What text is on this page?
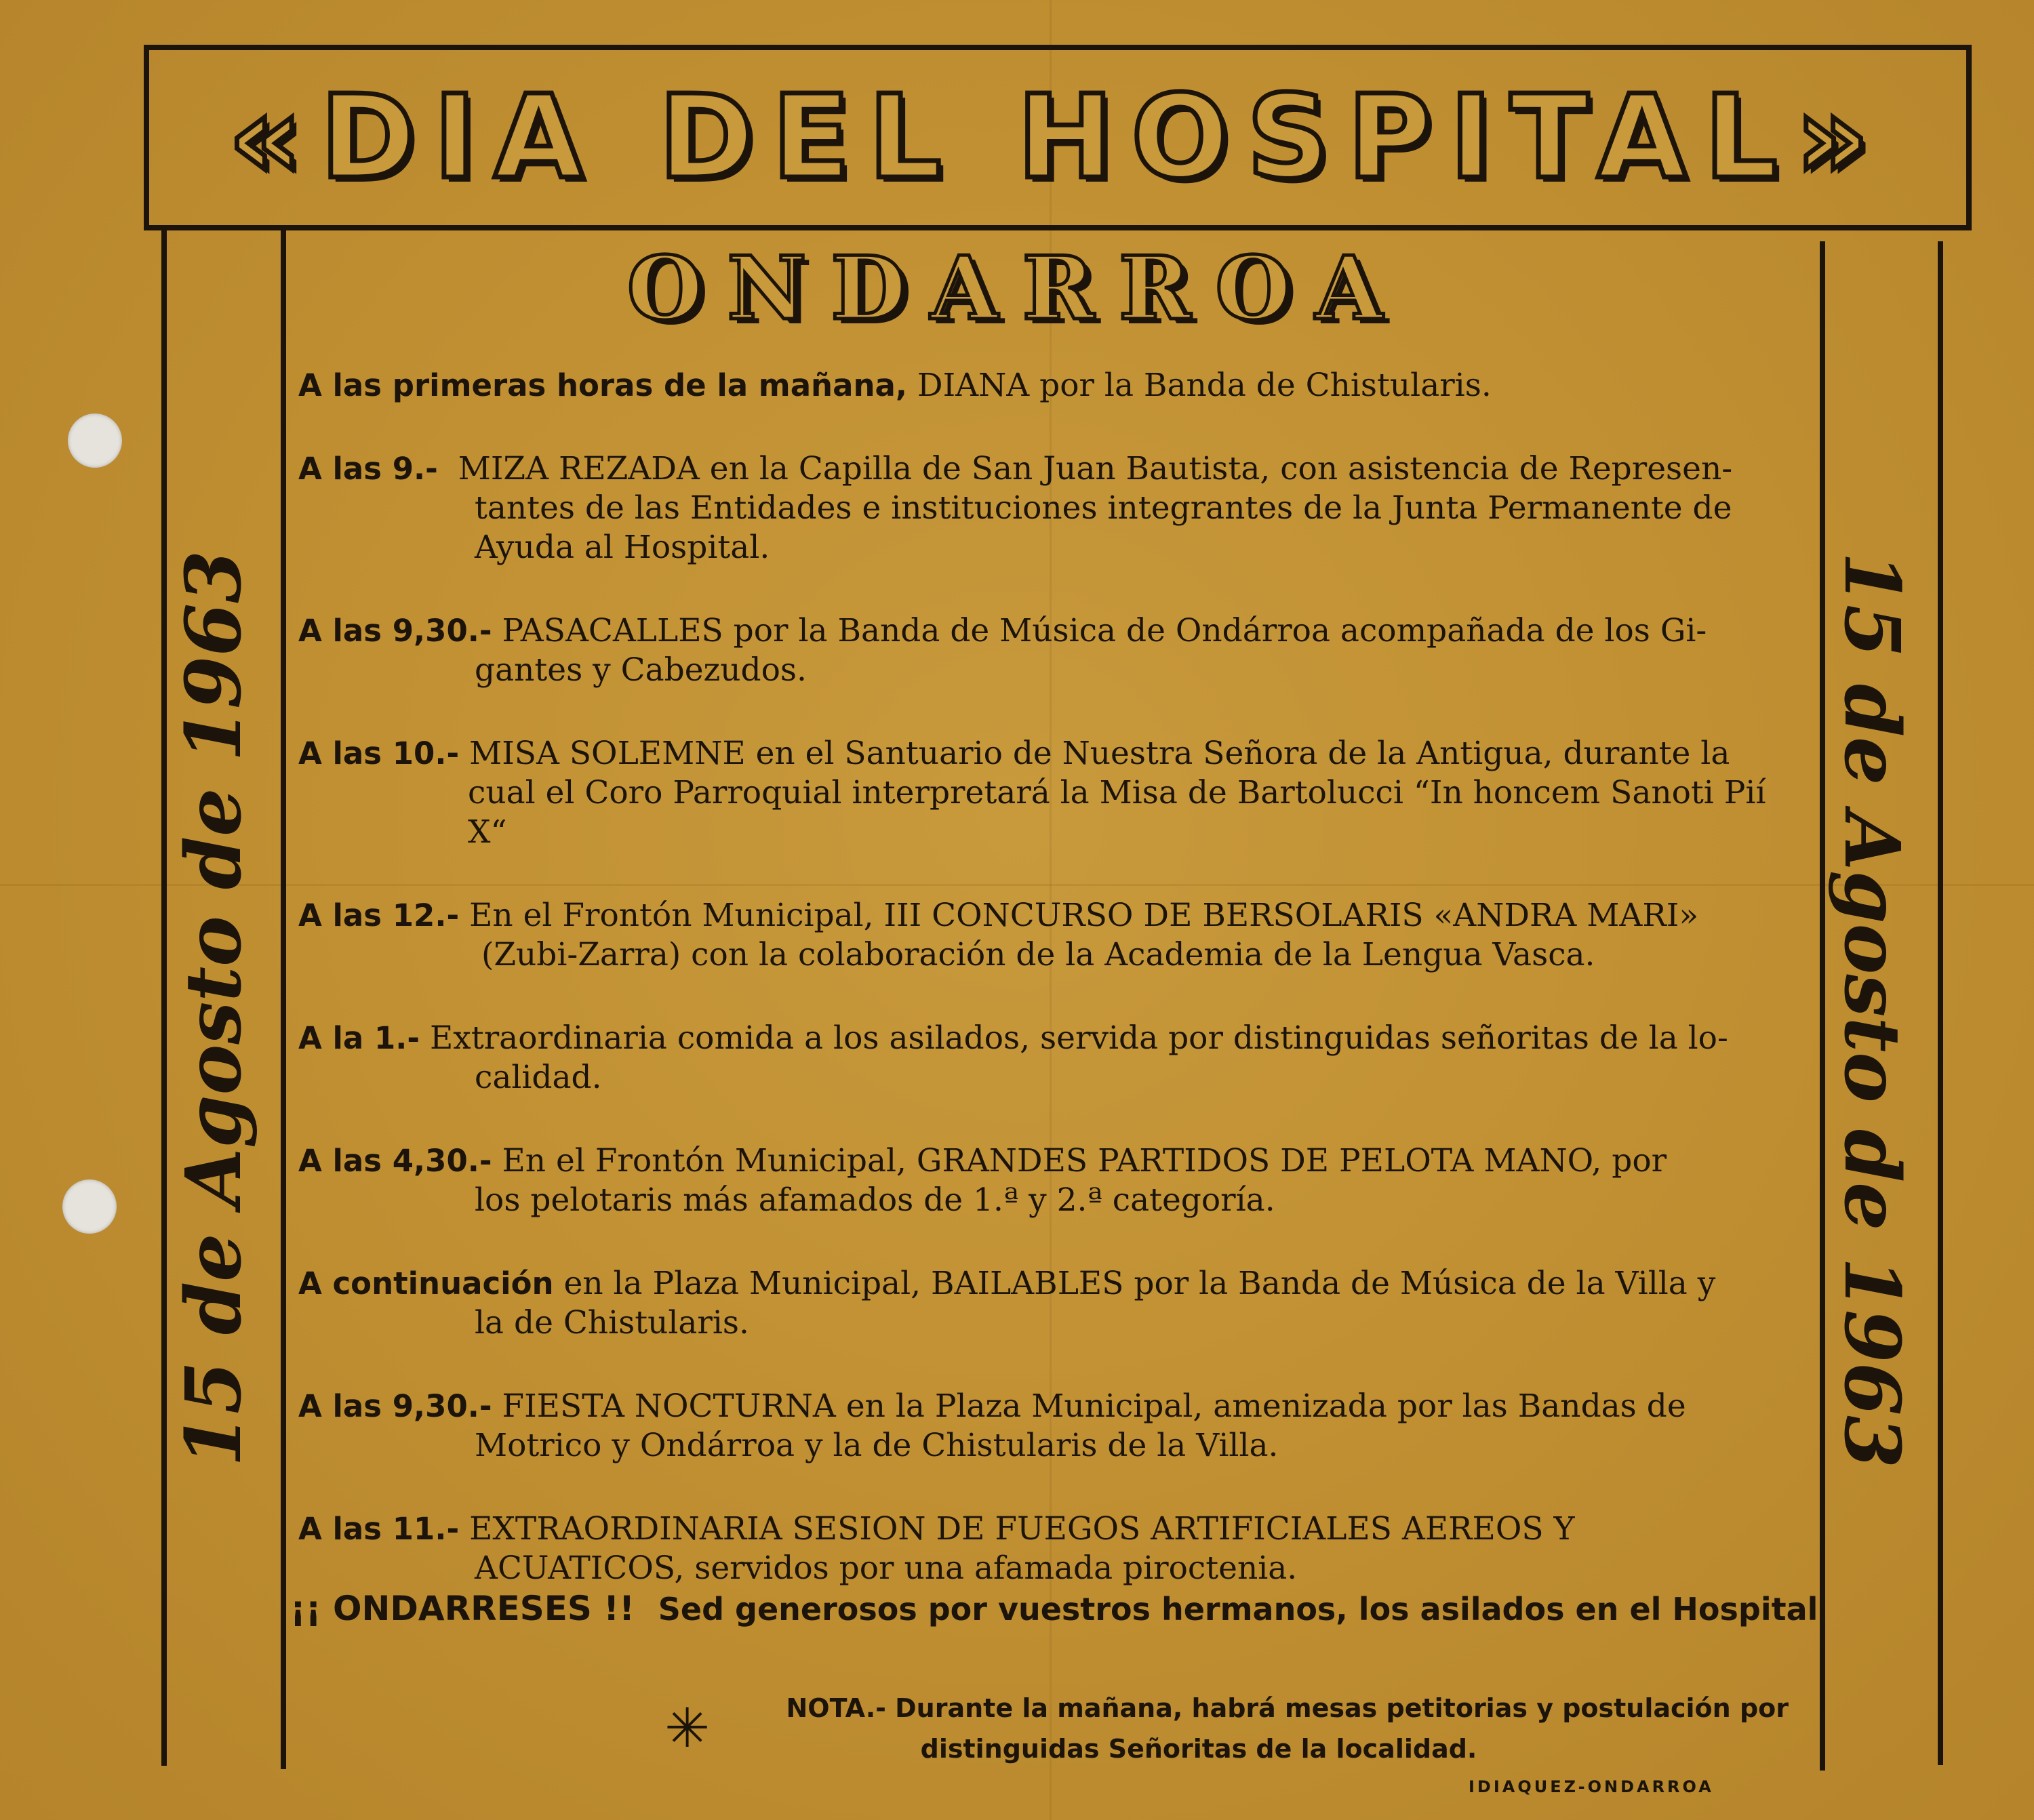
«DIA DEL HOSPITAL»
ONDARROA
15 de Agosto de 1963	15 de Agosto de 1963
A las primeras horas de la mañana, DIANA por la Banda de Chistularis.
A las 9.- MIZA REZADA en la Capilla de San Juan Bautista, con asistencia de Represen-
tantes de las Entidades e instituciones integrantes de la Junta Permanente de Ayuda al Hospital.
A las 9,30.- PASACALLES por la Banda de Música de Ondárroa acompañada de los Gi-
gantes y Cabezudos.
A las 10.- MISA SOLEMNE en el Santuario de Nuestra Señora de la Antigua, durante la
cual el Coro Parroquial interpretará la Misa de Bartolucci “In honcem Sanoti Pií X“
A las 12.- En el Frontón Municipal, III CONCURSO DE BERSOLARIS «ANDRA MARI»
(Zubi-Zarra) con la colaboración de la Academia de la Lengua Vasca.
A la 1.- Extraordinaria comida a los asilados, servida por distinguidas señoritas de la lo-
calidad.
A las 4,30.- En el Frontón Municipal, GRANDES PARTIDOS DE PELOTA MANO, por
los pelotaris más afamados de 1.ª y 2.ª categoría.
A continuación en la Plaza Municipal, BAILABLES por la Banda de Música de la Villa y
la de Chistularis.
A las 9,30.- FIESTA NOCTURNA en la Plaza Municipal, amenizada por las Bandas de
Motrico y Ondárroa y la de Chistularis de la Villa.
A las 11.- EXTRAORDINARIA SESION DE FUEGOS ARTIFICIALES AEREOS Y
ACUATICOS, servidos por una afamada piroctenia.
¡¡ ONDARRESES !! Sed generosos por vuestros hermanos, los asilados en el Hospital
✳	NOTA.- Durante la mañana, habrá mesas petitorias y postulación por
distinguidas Señoritas de la localidad.
IDIAQUEZ-ONDARROA
